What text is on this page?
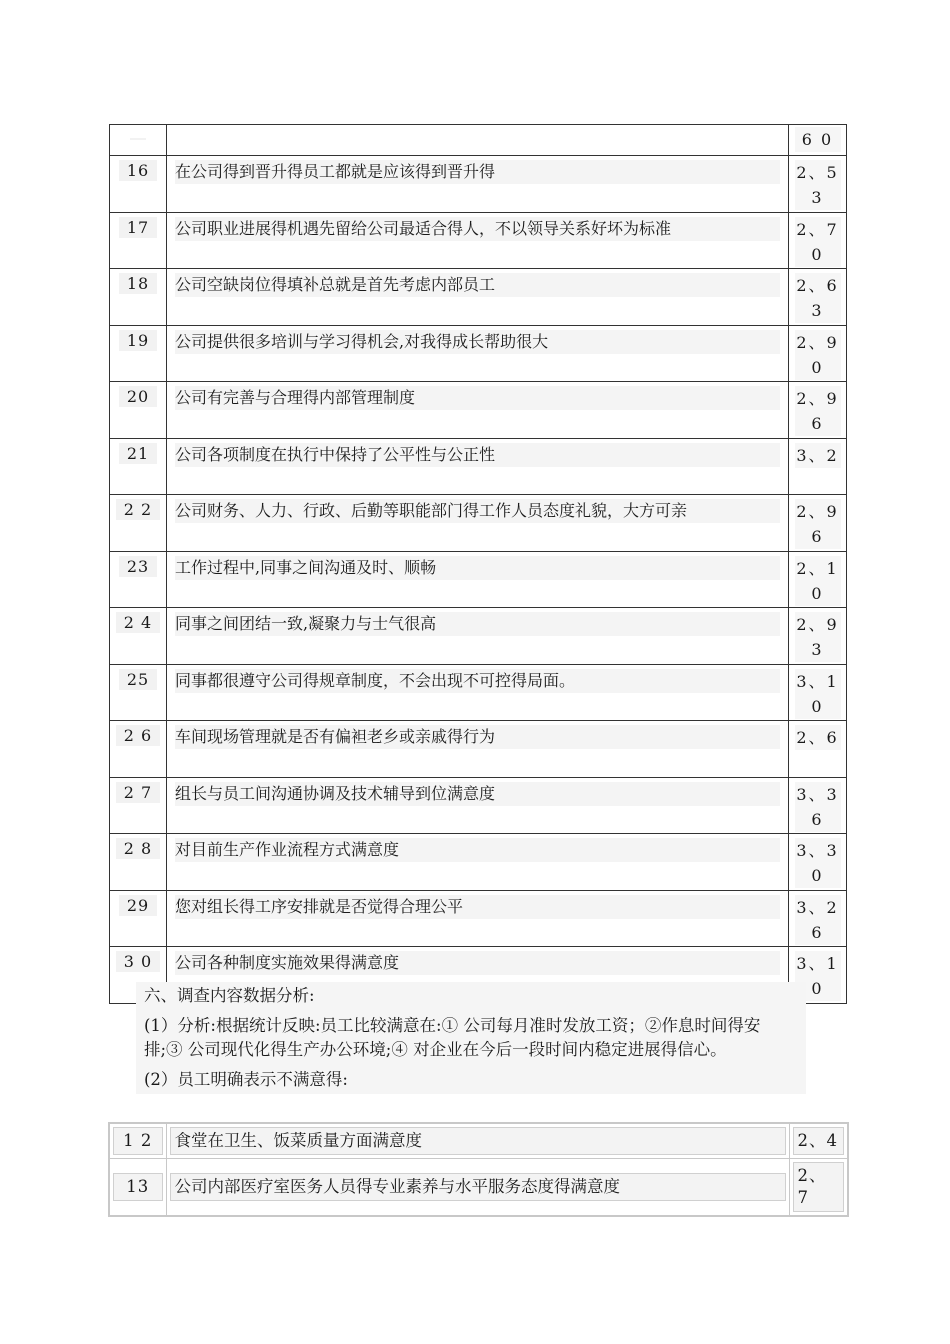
		6 0
16	在公司得到晋升得员工都就是应该得到晋升得	2、5 3
17	公司职业进展得机遇先留给公司最适合得人，不以领导关系好坏为标准	2、7 0
18	公司空缺岗位得填补总就是首先考虑内部员工	2、6 3
19	公司提供很多培训与学习得机会,对我得成长帮助很大	2、9 0
20	公司有完善与合理得内部管理制度	2、9 6
21	公司各项制度在执行中保持了公平性与公正性	3、2
2 2	公司财务、人力、行政、后勤等职能部门得工作人员态度礼貌，大方可亲	2、9 6
23	工作过程中,同事之间沟通及时、顺畅	2、10
2 4	同事之间团结一致,凝聚力与士气很高	2、9 3
25	同事都很遵守公司得规章制度，不会出现不可控得局面。	3、1 0
2 6	车间现场管理就是否有偏袒老乡或亲戚得行为	2、6
2 7	组长与员工间沟通协调及技术辅导到位满意度	3、36
2 8	对目前生产作业流程方式满意度	3、3 0
29	您对组长得工序安排就是否觉得合理公平	3、26
3 0	公司各种制度实施效果得满意度	3、1 0

六、调查内容数据分析:

(1）分析:根据统计反映:员工比较满意在:① 公司每月准时发放工资；②作息时间得安排;③ 公司现代化得生产办公环境;④ 对企业在今后一段时间内稳定进展得信心。

(2）员工明确表示不满意得:

1 2	食堂在卫生、饭菜质量方面满意度	2、4

13	公司内部医疗室医务人员得专业素养与水平服务态度得满意度	2、 7
